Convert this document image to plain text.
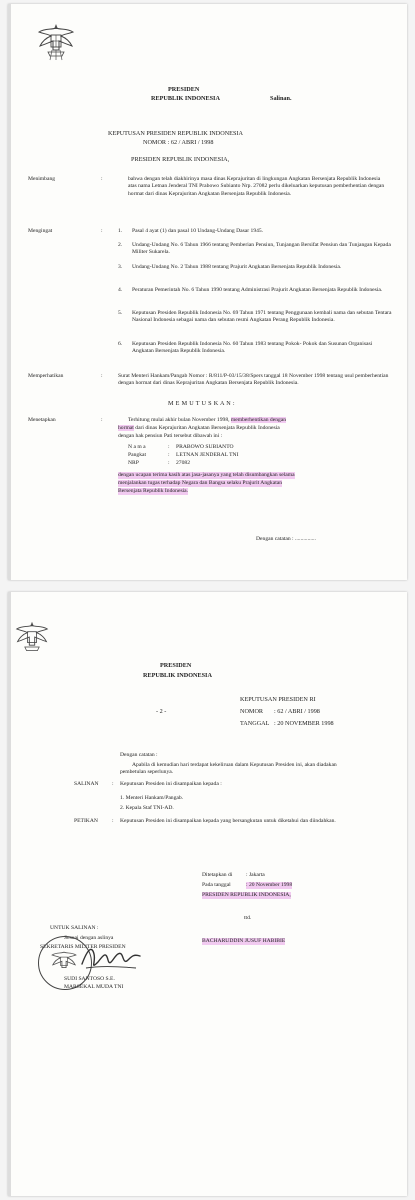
PRESIDEN
REPUBLIK INDONESIA	Salinan.
KEPUTUSAN PRESIDEN REPUBLIK INDONESIA
NOMOR : 62 / ABRI / 1998
PRESIDEN REPUBLIK INDONESIA,
Menimbang	:	bahwa dengan telah diakhirinya masa dinas Keprajuritan di lingkungan Angkatan Bersenjata Republik Indonesia atas nama Letnan Jenderal TNI Prabowo Subianto Nrp. 27082 perlu dikeluarkan keputusan pemberhentian dengan hormat dari dinas Keprajuritan Angkatan Bersenjata Republik Indonesia.
Mengingat	:	1. Pasal 4 ayat (1) dan pasal 10 Undang-Undang Dasar 1945.
2. Undang-Undang No. 6 Tahun 1966 tentang Pemberian Pensiun, Tunjangan Bersifat Pensiun dan Tunjangan Kepada Militer Sukarela.
3. Undang-Undang No. 2 Tahun 1988 tentang Prajurit Angkatan Bersenjata Republik Indonesia.
4. Peraturan Pemerintah No. 6 Tahun 1990 tentang Administrasi Prajurit Angkatan Bersenjata Republik Indonesia.
5. Keputusan Presiden Republik Indonesia No. 69 Tahun 1971 tentang Penggunaan kembali nama dan sebutan Tentara Nasional Indonesia sebagai nama dan sebutan resmi Angkatan Perang Republik Indonesia.
6. Keputusan Presiden Republik Indonesia No. 60 Tahun 1983 tentang Pokok- Pokok dan Susunan Organisasi Angkatan Bersenjata Republik Indonesia.
Memperhatikan	:	Surat Menteri Hankam/Pangab Nomor : R/811/P-03/15/38/Spers tanggal 18 November 1998 tentang usul pemberhentian dengan hormat dari dinas Keprajuritan Angkatan Bersenjata Republik Indonesia.
M E M U T U S K A N :
Menetapkan	:	Terhitung mulai akhir bulan November 1998, memberhentikan dengan
hormat dari dinas Keprajuritan Angkatan Bersenjata Republik Indonesia
dengan hak pensiun Pati tersebut dibawah ini :
N a m a	: PRABOWO SUBIANTO
Pangkat	: LETNAN JENDERAL TNI
NRP	: 27082
dengan ucapan terima kasih atas jasa-jasanya yang telah disumbangkan selama
menjalankan tugas terhadap Negara dan Bangsa selaku Prajurit Angkatan
Bersenjata Republik Indonesia.
Dengan catatan : ...............
PRESIDEN
REPUBLIK INDONESIA
KEPUTUSAN PRESIDEN RI
- 2 -	NOMOR : 62 / ABRI / 1998
TANGGAL : 20 NOVEMBER 1998
Dengan catatan :
Apabila di kemudian hari terdapat kekeliruan dalam Keputusan Presiden ini, akan diadakan pembetulan seperlunya.
SALINAN : Keputusan Presiden ini disampaikan kepada :
1. Menteri Hankam/Pangab.
2. Kepala Staf TNI-AD.
PETIKAN	: Keputusan Presiden ini disampaikan kepada yang bersangkutan untuk diketahui dan diindahkan.
Ditetapkan di : Jakarta
Pada tanggal	: 20 November 1998
PRESIDEN REPUBLIK INDONESIA,
ttd.
BACHARUDDIN JUSUF HABIBIE
UNTUK SALINAN :
Sesuai dengan aslinya
SEKRETARIS MILITER PRESIDEN
SUDI SANTOSO S.E.
MARSEKAL MUDA TNI
